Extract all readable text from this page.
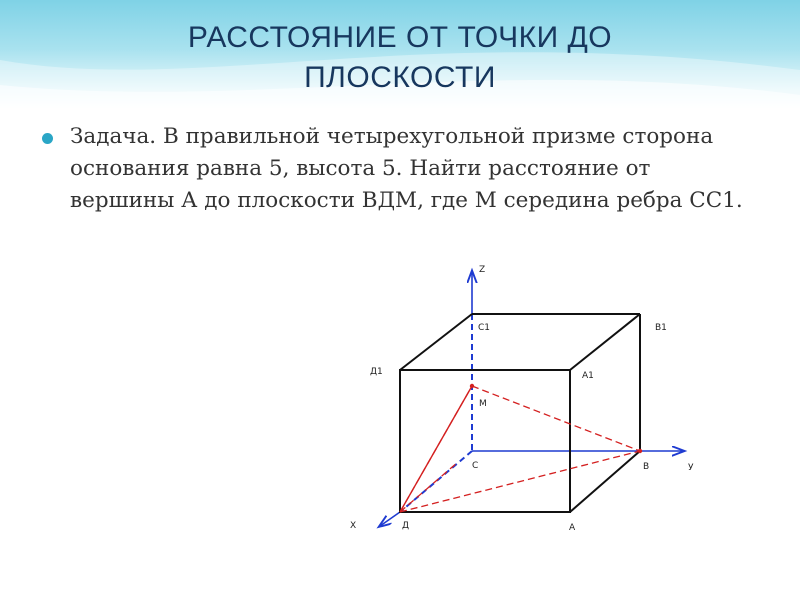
РАССТОЯНИЕ ОТ ТОЧКИ ДО ПЛОСКОСТИ
Задача. В правильной четырехугольной призме сторона основания равна 5, высота 5. Найти расстояние от вершины А до плоскости ВДМ, где М середина ребра СС1.
Z
У
Х
C1	B1
Д1	A1
M
C	B
Д	A
